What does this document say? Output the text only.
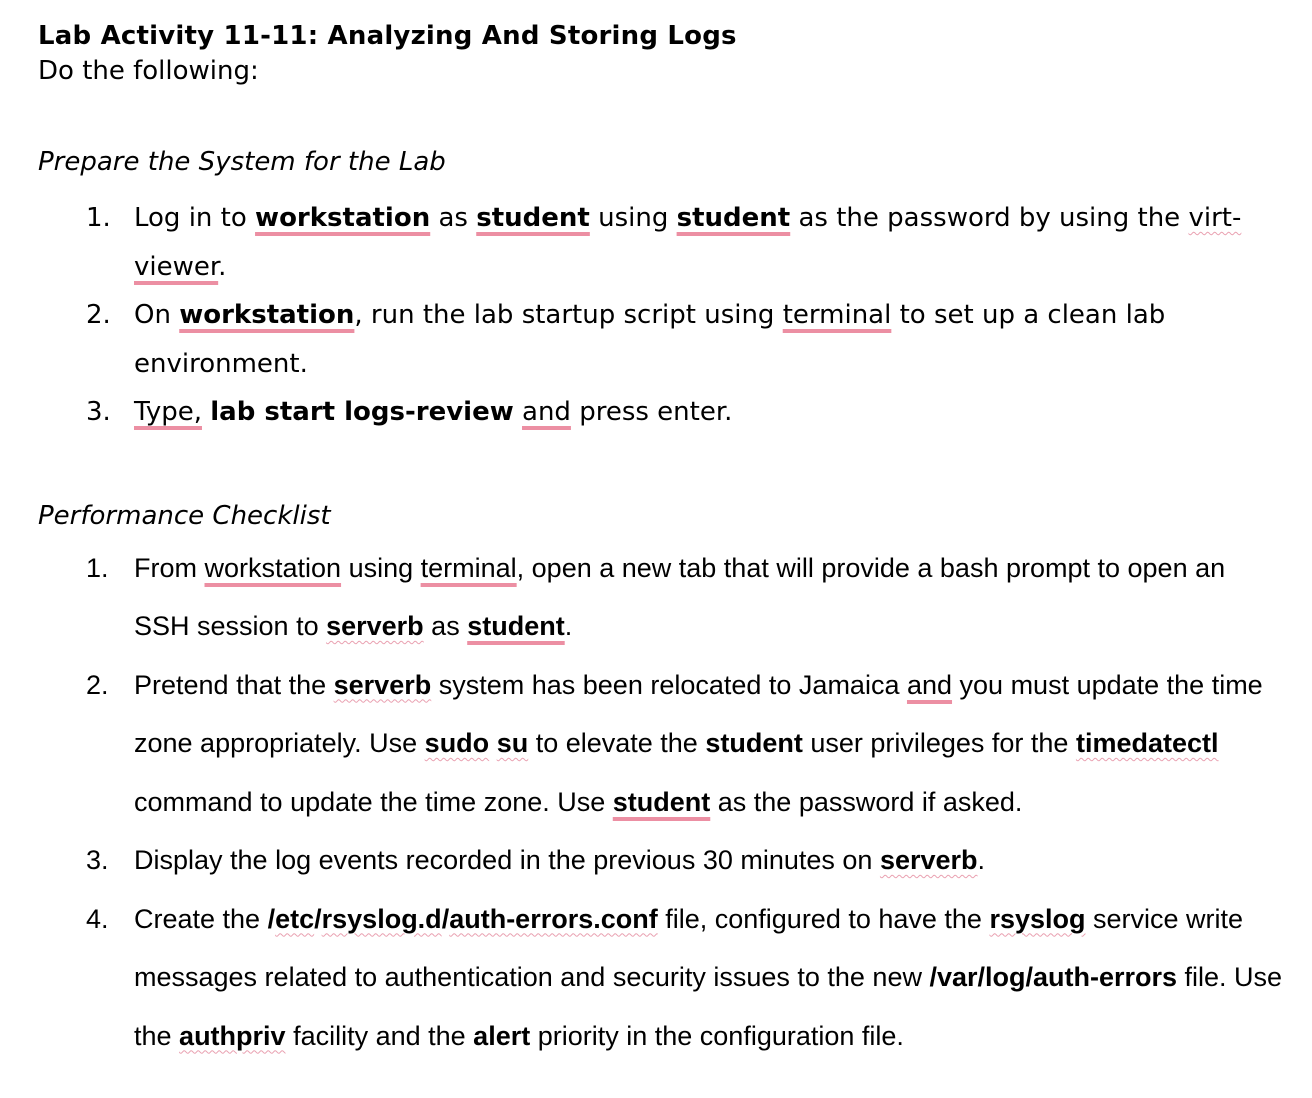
Lab Activity 11-11: Analyzing And Storing Logs
Do the following:
Prepare the System for the Lab
1. Log in to workstation as student using student as the password by using the virt-
viewer.
2. On workstation, run the lab startup script using terminal to set up a clean lab environment.
3. Type, lab start logs-review and press enter.
Performance Checklist
1. From workstation using terminal, open a new tab that will provide a bash prompt to open an SSH session to serverb as student.
2. Pretend that the serverb system has been relocated to Jamaica and you must update the time zone appropriately. Use sudo su to elevate the student user privileges for the timedatectl command to update the time zone. Use student as the password if asked.
3. Display the log events recorded in the previous 30 minutes on serverb.
4. Create the /etc/rsyslog.d/auth-errors.conf file, configured to have the rsyslog service write messages related to authentication and security issues to the new /var/log/auth-errors file. Use the authpriv facility and the alert priority in the configuration file.
